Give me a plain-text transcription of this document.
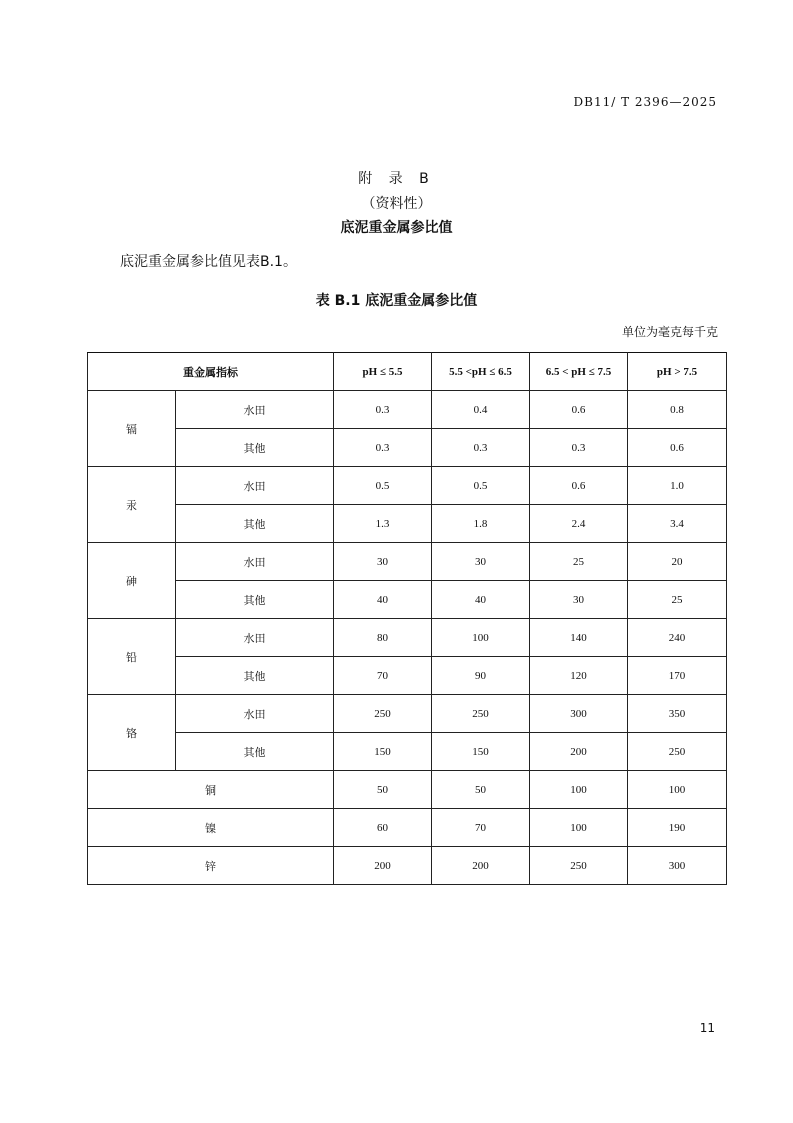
DB11/ T 2396—2025
附 录 B
（资料性）
底泥重金属参比值
底泥重金属参比值见表B.1。
表 B.1 底泥重金属参比值
单位为毫克每千克
重金属指标		pH ≤ 5.5	5.5 <pH ≤ 6.5	6.5 < pH ≤ 7.5	pH > 7.5
镉	水田	0.3	0.4	0.6	0.8
	其他	0.3	0.3	0.3	0.6
汞	水田	0.5	0.5	0.6	1.0
	其他	1.3	1.8	2.4	3.4
砷	水田	30	30	25	20
	其他	40	40	30	25
铅	水田	80	100	140	240
	其他	70	90	120	170
铬	水田	250	250	300	350
	其他	150	150	200	250
铜		50	50	100	100
镍		60	70	100	190
锌		200	200	250	300
11
